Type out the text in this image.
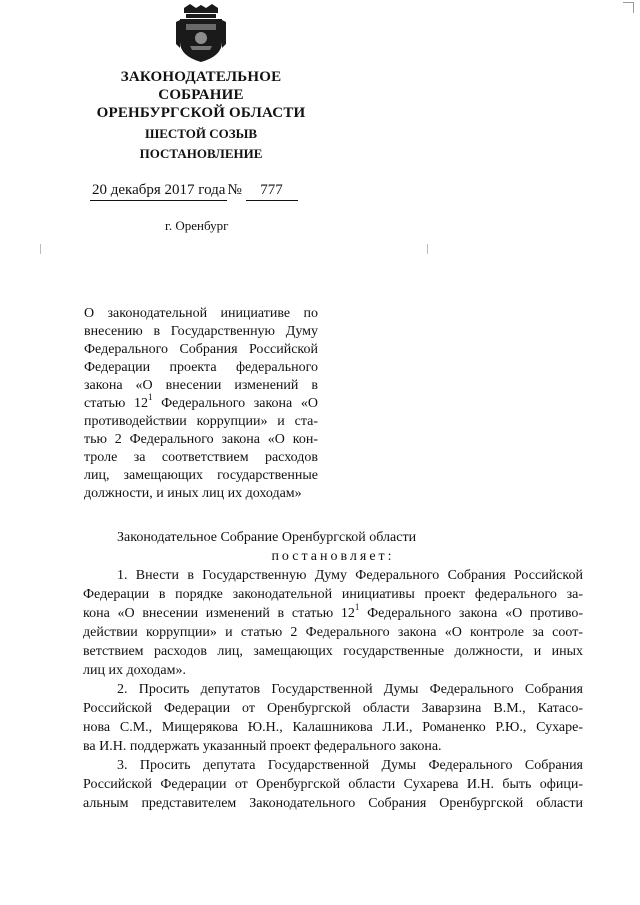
ЗАКОНОДАТЕЛЬНОЕ
СОБРАНИЕ
ОРЕНБУРГСКОЙ ОБЛАСТИ
ШЕСТОЙ СОЗЫВ
ПОСТАНОВЛЕНИЕ
20 декабря 2017 года № 777
г. Оренбург
О законодательной инициативе по
внесению в Государственную Думу
Федерального Собрания Российской
Федерации проекта федерального
закона «О внесении изменений в
статью $12^1$ Федерального закона «О
противодействии коррупции» и ста-
тью 2 Федерального закона «О кон-
троле за соответствием расходов
лиц, замещающих государственные
должности, и иных лиц их доходам»
Законодательное Собрание Оренбургской области
постановляет:
1. Внести в Государственную Думу Федерального Собрания Российской
Федерации в порядке законодательной инициативы проект федерального за-
кона «О внесении изменений в статью $12^1$ Федерального закона «О противо-
действии коррупции» и статью 2 Федерального закона «О контроле за соот-
ветствием расходов лиц, замещающих государственные должности, и иных
лиц их доходам».
2. Просить депутатов Государственной Думы Федерального Собрания
Российской Федерации от Оренбургской области Заварзина В.М., Катасо-
нова С.М., Мищерякова Ю.Н., Калашникова Л.И., Романенко Р.Ю., Сухаре-
ва И.Н. поддержать указанный проект федерального закона.
3. Просить депутата Государственной Думы Федерального Собрания
Российской Федерации от Оренбургской области Сухарева И.Н. быть офици-
альным представителем Законодательного Собрания Оренбургской области
